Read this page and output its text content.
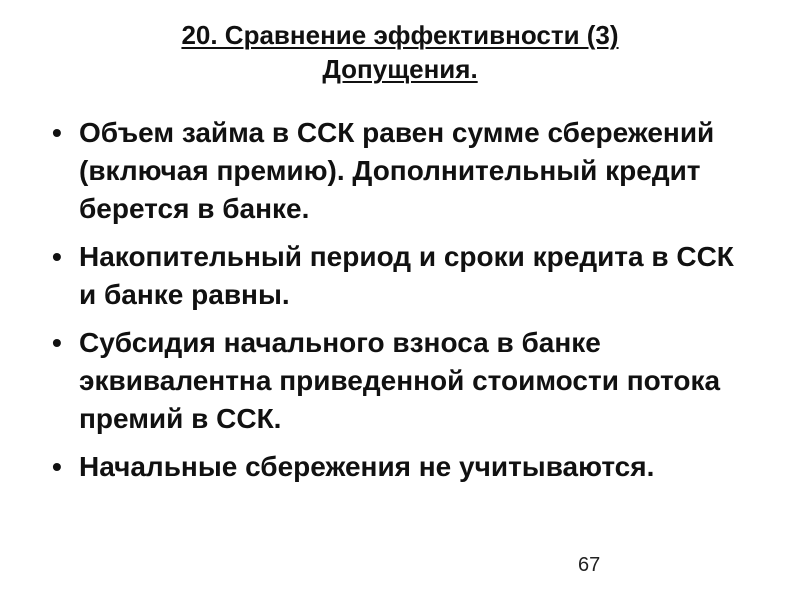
20. Сравнение эффективности (3)
Допущения.
• Объем займа в ССК равен сумме сбережений (включая премию). Дополнительный кредит берется в банке.
• Накопительный период и сроки кредита в ССК и банке равны.
• Субсидия начального взноса в банке эквивалентна приведенной стоимости потока премий в ССК.
• Начальные сбережения не учитываются.
67
